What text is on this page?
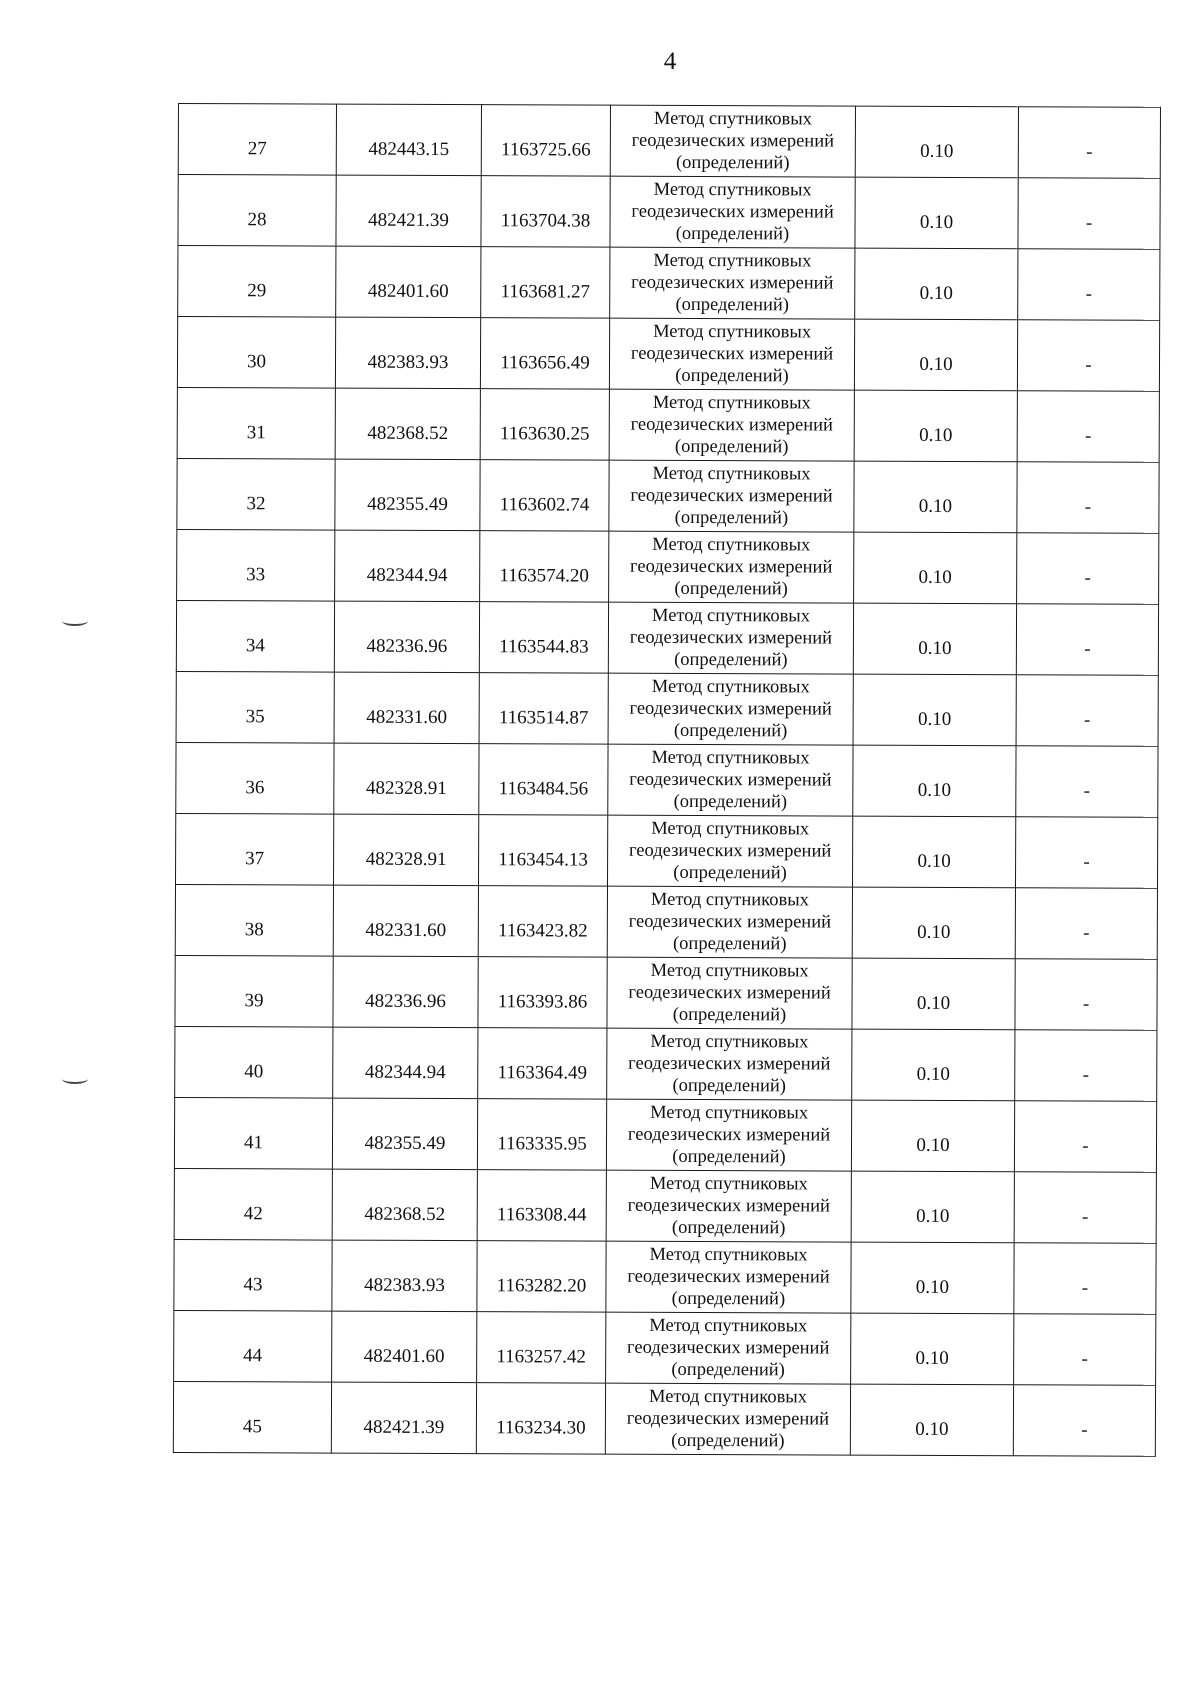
4
27	482443.15	1163725.66	Метод спутниковых
геодезических измерений
(определений)	0.10	-
28	482421.39	1163704.38	Метод спутниковых
геодезических измерений
(определений)	0.10	-
29	482401.60	1163681.27	Метод спутниковых
геодезических измерений
(определений)	0.10	-
30	482383.93	1163656.49	Метод спутниковых
геодезических измерений
(определений)	0.10	-
31	482368.52	1163630.25	Метод спутниковых
геодезических измерений
(определений)	0.10	-
32	482355.49	1163602.74	Метод спутниковых
геодезических измерений
(определений)	0.10	-
33	482344.94	1163574.20	Метод спутниковых
геодезических измерений
(определений)	0.10	-
34	482336.96	1163544.83	Метод спутниковых
геодезических измерений
(определений)	0.10	-
35	482331.60	1163514.87	Метод спутниковых
геодезических измерений
(определений)	0.10	-
36	482328.91	1163484.56	Метод спутниковых
геодезических измерений
(определений)	0.10	-
37	482328.91	1163454.13	Метод спутниковых
геодезических измерений
(определений)	0.10	-
38	482331.60	1163423.82	Метод спутниковых
геодезических измерений
(определений)	0.10	-
39	482336.96	1163393.86	Метод спутниковых
геодезических измерений
(определений)	0.10	-
40	482344.94	1163364.49	Метод спутниковых
геодезических измерений
(определений)	0.10	-
41	482355.49	1163335.95	Метод спутниковых
геодезических измерений
(определений)	0.10	-
42	482368.52	1163308.44	Метод спутниковых
геодезических измерений
(определений)	0.10	-
43	482383.93	1163282.20	Метод спутниковых
геодезических измерений
(определений)	0.10	-
44	482401.60	1163257.42	Метод спутниковых
геодезических измерений
(определений)	0.10	-
45	482421.39	1163234.30	Метод спутниковых
геодезических измерений
(определений)	0.10	-
